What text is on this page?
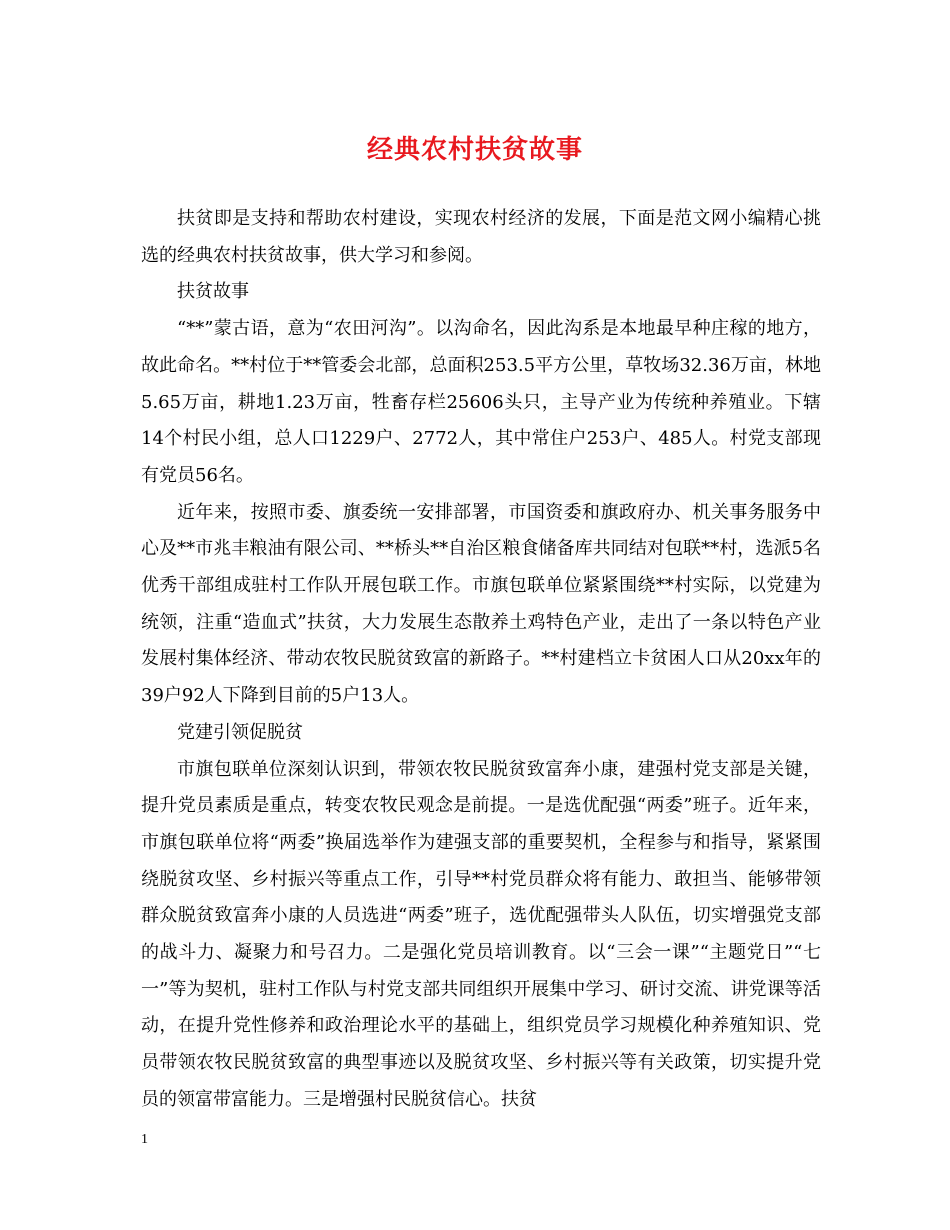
经典农村扶贫故事

扶贫即是支持和帮助农村建设，实现农村经济的发展，下面是范文网小编精心挑选的经典农村扶贫故事，供大学习和参阅。

扶贫故事

“**”蒙古语，意为“农田河沟”。以沟命名，因此沟系是本地最早种庄稼的地方，故此命名。**村位于**管委会北部，总面积253.5平方公里，草牧场32.36万亩，林地5.65万亩，耕地1.23万亩，牲畜存栏25606头只，主导产业为传统种养殖业。下辖14个村民小组，总人口1229户、2772人，其中常住户253户、485人。村党支部现有党员56名。

近年来，按照市委、旗委统一安排部署，市国资委和旗政府办、机关事务服务中心及**市兆丰粮油有限公司、**桥头**自治区粮食储备库共同结对包联**村，选派5名优秀干部组成驻村工作队开展包联工作。市旗包联单位紧紧围绕**村实际，以党建为统领，注重“造血式”扶贫，大力发展生态散养土鸡特色产业，走出了一条以特色产业发展村集体经济、带动农牧民脱贫致富的新路子。**村建档立卡贫困人口从20xx年的39户92人下降到目前的5户13人。

党建引领促脱贫

市旗包联单位深刻认识到，带领农牧民脱贫致富奔小康，建强村党支部是关键，提升党员素质是重点，转变农牧民观念是前提。一是选优配强“两委”班子。近年来，市旗包联单位将“两委”换届选举作为建强支部的重要契机，全程参与和指导，紧紧围绕脱贫攻坚、乡村振兴等重点工作，引导**村党员群众将有能力、敢担当、能够带领群众脱贫致富奔小康的人员选进“两委”班子，选优配强带头人队伍，切实增强党支部的战斗力、凝聚力和号召力。二是强化党员培训教育。以“三会一课”“主题党日”“七一”等为契机，驻村工作队与村党支部共同组织开展集中学习、研讨交流、讲党课等活动，在提升党性修养和政治理论水平的基础上，组织党员学习规模化种养殖知识、党员带领农牧民脱贫致富的典型事迹以及脱贫攻坚、乡村振兴等有关政策，切实提升党员的领富带富能力。三是增强村民脱贫信心。扶贫

1
